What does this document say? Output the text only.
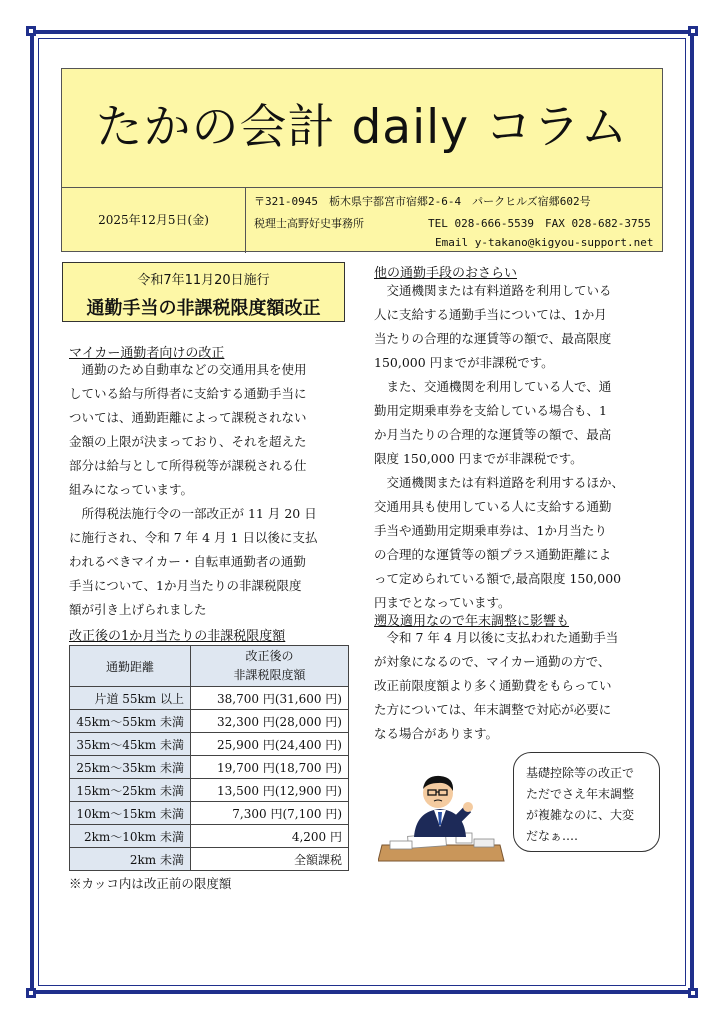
たかの会計 daily コラム
2025年12月5日(金)
〒321-0945　栃木県宇都宮市宿郷2-6-4　パークヒルズ宿郷602号
税理士高野好史事務所	TEL 028-666-5539　FAX 028-682-3755
Email y-takano@kigyou-support.net
令和7年11月20日施行
通勤手当の非課税限度額改正
マイカー通勤者向けの改正
　通勤のため自動車などの交通用具を使用
している給与所得者に支給する通勤手当に
ついては、通勤距離によって課税されない
金額の上限が決まっており、それを超えた
部分は給与として所得税等が課税される仕
組みになっています。
　所得税法施行令の一部改正が 11 月 20 日
に施行され、令和 7 年 4 月 1 日以後に支払
われるべきマイカー・自転車通勤者の通勤
手当について、1か月当たりの非課税限度
額が引き上げられました
改正後の1か月当たりの非課税限度額
通勤距離	改正後の
非課税限度額

片道 55km 以上	38,700 円(31,600 円)
45km～55km 未満	32,300 円(28,000 円)
35km～45km 未満	25,900 円(24,400 円)
25km～35km 未満	19,700 円(18,700 円)
15km～25km 未満	13,500 円(12,900 円)
10km～15km 未満	7,300 円(7,100 円)
2km～10km 未満	4,200 円
2km 未満	全額課税
※カッコ内は改正前の限度額
他の通勤手段のおさらい
　交通機関または有料道路を利用している
人に支給する通勤手当については、1か月
当たりの合理的な運賃等の額で、最高限度
150,000 円までが非課税です。
　また、交通機関を利用している人で、通
勤用定期乗車券を支給している場合も、1
か月当たりの合理的な運賃等の額で、最高
限度 150,000 円までが非課税です。
　交通機関または有料道路を利用するほか、
交通用具も使用している人に支給する通勤
手当や通勤用定期乗車券は、1か月当たり
の合理的な運賃等の額プラス通勤距離によ
って定められている額で,最高限度 150,000
円までとなっています。
遡及適用なので年末調整に影響も
　令和 7 年 4 月以後に支払われた通勤手当
が対象になるので、マイカー通勤の方で、
改正前限度額より多く通勤費をもらってい
た方については、年末調整で対応が必要に
なる場合があります。
基礎控除等の改正で
ただでさえ年末調整
が複雑なのに、大変
だなぁ‥‥
